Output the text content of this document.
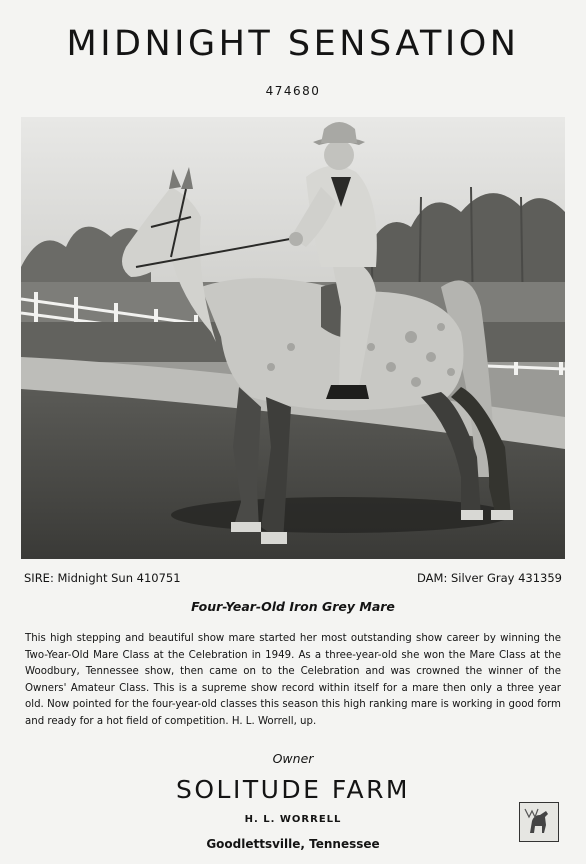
MIDNIGHT SENSATION
474680
SIRE: Midnight Sun 410751	DAM: Silver Gray 431359
Four-Year-Old Iron Grey Mare
This high stepping and beautiful show mare started her most outstanding show career by winning the Two-Year-Old Mare Class at the Celebration in 1949. As a three-year-old she won the Mare Class at the Woodbury, Tennessee show, then came on to the Celebration and was crowned the winner of the Owners' Amateur Class. This is a supreme show record within itself for a mare then only a three year old. Now pointed for the four-year-old classes this season this high ranking mare is working in good form and ready for a hot field of competition. H. L. Worrell, up.
Owner
SOLITUDE FARM
H. L. WORRELL
Goodlettsville, Tennessee
